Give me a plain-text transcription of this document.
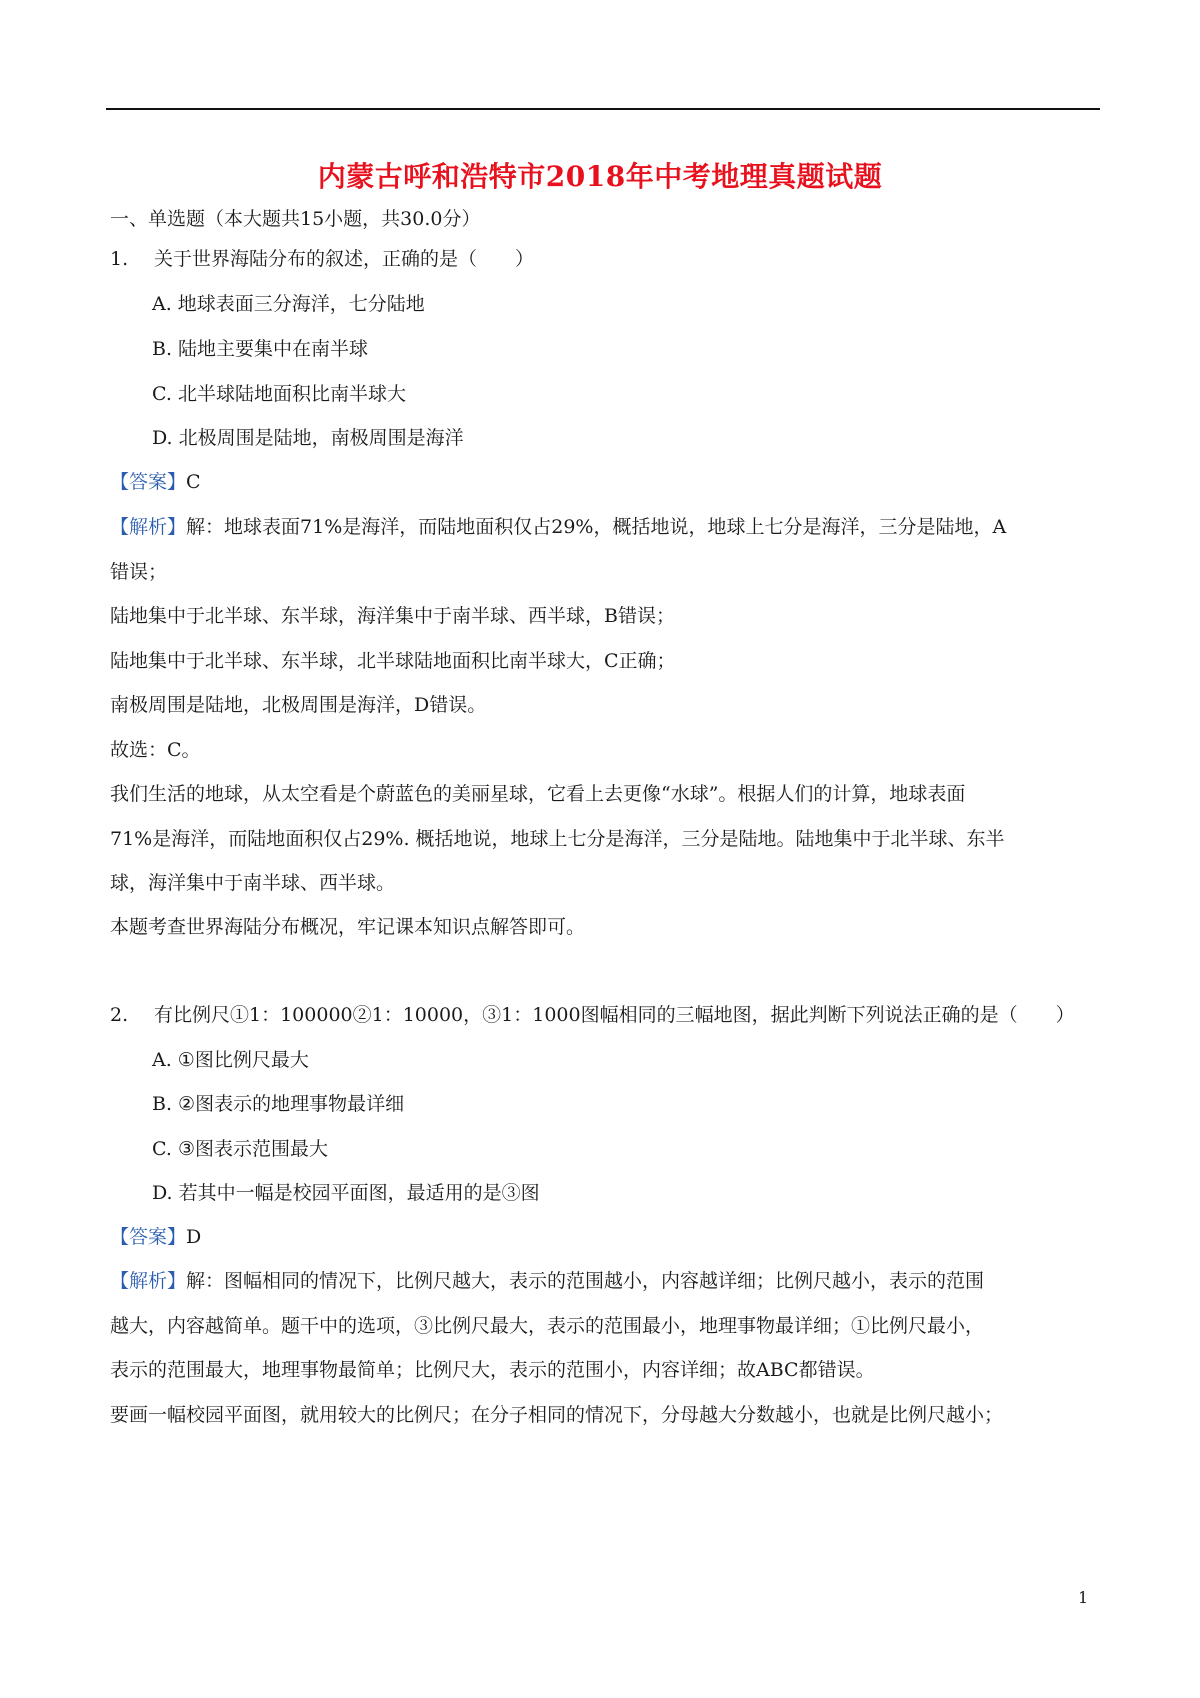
内蒙古呼和浩特市2018年中考地理真题试题
一、单选题（本大题共15小题，共30.0分）
1. 关于世界海陆分布的叙述，正确的是（　　）
A. 地球表面三分海洋，七分陆地
B. 陆地主要集中在南半球
C. 北半球陆地面积比南半球大
D. 北极周围是陆地，南极周围是海洋
【答案】C
【解析】解：地球表面71%是海洋，而陆地面积仅占29%，概括地说，地球上七分是海洋，三分是陆地，A
错误；
陆地集中于北半球、东半球，海洋集中于南半球、西半球，B错误；
陆地集中于北半球、东半球，北半球陆地面积比南半球大，C正确；
南极周围是陆地，北极周围是海洋，D错误。
故选：C。
我们生活的地球，从太空看是个蔚蓝色的美丽星球，它看上去更像“水球”。根据人们的计算，地球表面
71%是海洋，而陆地面积仅占29%. 概括地说，地球上七分是海洋，三分是陆地。陆地集中于北半球、东半
球，海洋集中于南半球、西半球。
本题考查世界海陆分布概况，牢记课本知识点解答即可。
2. 有比例尺①1：100000②1：10000，③1：1000图幅相同的三幅地图，据此判断下列说法正确的是（　　）
A. ①图比例尺最大
B. ②图表示的地理事物最详细
C. ③图表示范围最大
D. 若其中一幅是校园平面图，最适用的是③图
【答案】D
【解析】解：图幅相同的情况下，比例尺越大，表示的范围越小，内容越详细；比例尺越小，表示的范围
越大，内容越简单。题干中的选项，③比例尺最大，表示的范围最小，地理事物最详细；①比例尺最小，
表示的范围最大，地理事物最简单；比例尺大，表示的范围小，内容详细；故ABC都错误。
要画一幅校园平面图，就用较大的比例尺；在分子相同的情况下，分母越大分数越小，也就是比例尺越小；
1
